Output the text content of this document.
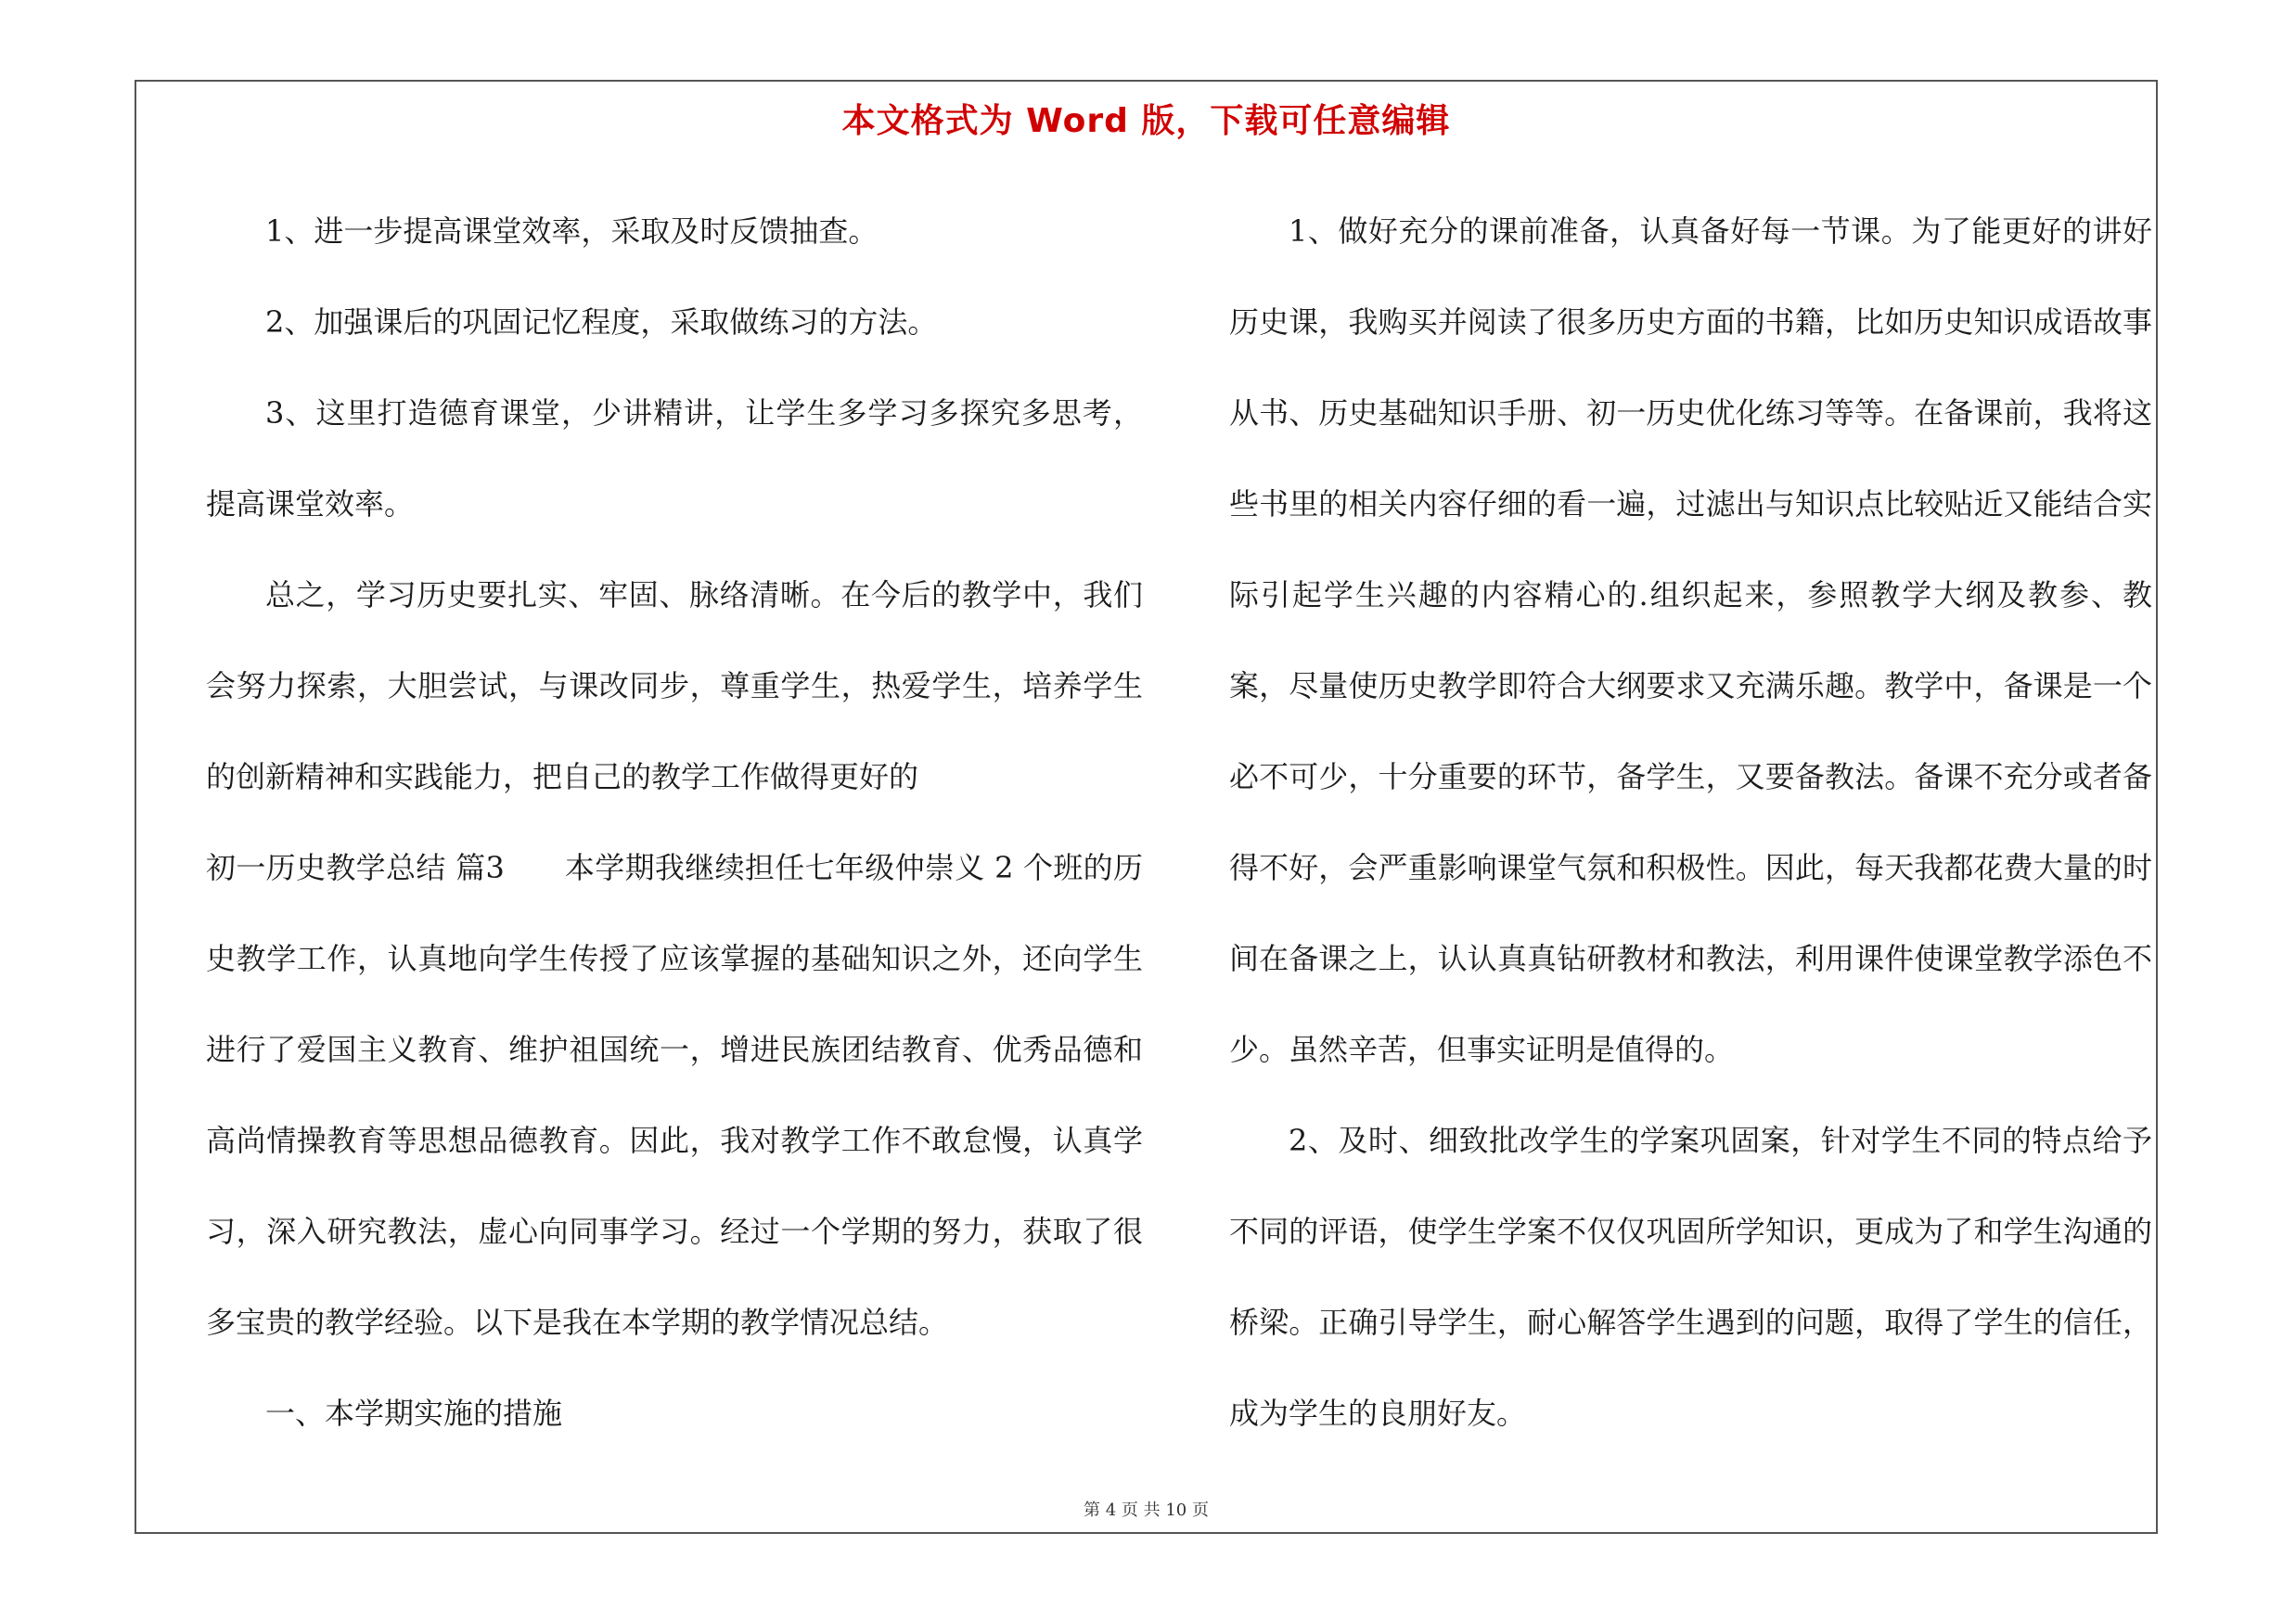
本文格式为 Word 版，下载可任意编辑

1、进一步提高课堂效率，采取及时反馈抽查。

2、加强课后的巩固记忆程度，采取做练习的方法。

3、这里打造德育课堂，少讲精讲，让学生多学习多探究多思考，提高课堂效率。

总之，学习历史要扎实、牢固、脉络清晰。在今后的教学中，我们会努力探索，大胆尝试，与课改同步，尊重学生，热爱学生，培养学生的创新精神和实践能力，把自己的教学工作做得更好的

初一历史教学总结 篇3　　本学期我继续担任七年级仲崇义 2 个班的历史教学工作，认真地向学生传授了应该掌握的基础知识之外，还向学生进行了爱国主义教育、维护祖国统一，增进民族团结教育、优秀品德和高尚情操教育等思想品德教育。因此，我对教学工作不敢怠慢，认真学习，深入研究教法，虚心向同事学习。经过一个学期的努力，获取了很多宝贵的教学经验。以下是我在本学期的教学情况总结。

一、本学期实施的措施

1、做好充分的课前准备，认真备好每一节课。为了能更好的讲好历史课，我购买并阅读了很多历史方面的书籍，比如历史知识成语故事从书、历史基础知识手册、初一历史优化练习等等。在备课前，我将这些书里的相关内容仔细的看一遍，过滤出与知识点比较贴近又能结合实际引起学生兴趣的内容精心的.组织起来，参照教学大纲及教参、教案，尽量使历史教学即符合大纲要求又充满乐趣。教学中，备课是一个必不可少，十分重要的环节，备学生，又要备教法。备课不充分或者备得不好，会严重影响课堂气氛和积极性。因此，每天我都花费大量的时间在备课之上，认认真真钻研教材和教法，利用课件使课堂教学添色不少。虽然辛苦，但事实证明是值得的。

2、及时、细致批改学生的学案巩固案，针对学生不同的特点给予不同的评语，使学生学案不仅仅巩固所学知识，更成为了和学生沟通的桥梁。正确引导学生，耐心解答学生遇到的问题，取得了学生的信任，成为学生的良朋好友。

第 4 页 共 10 页
